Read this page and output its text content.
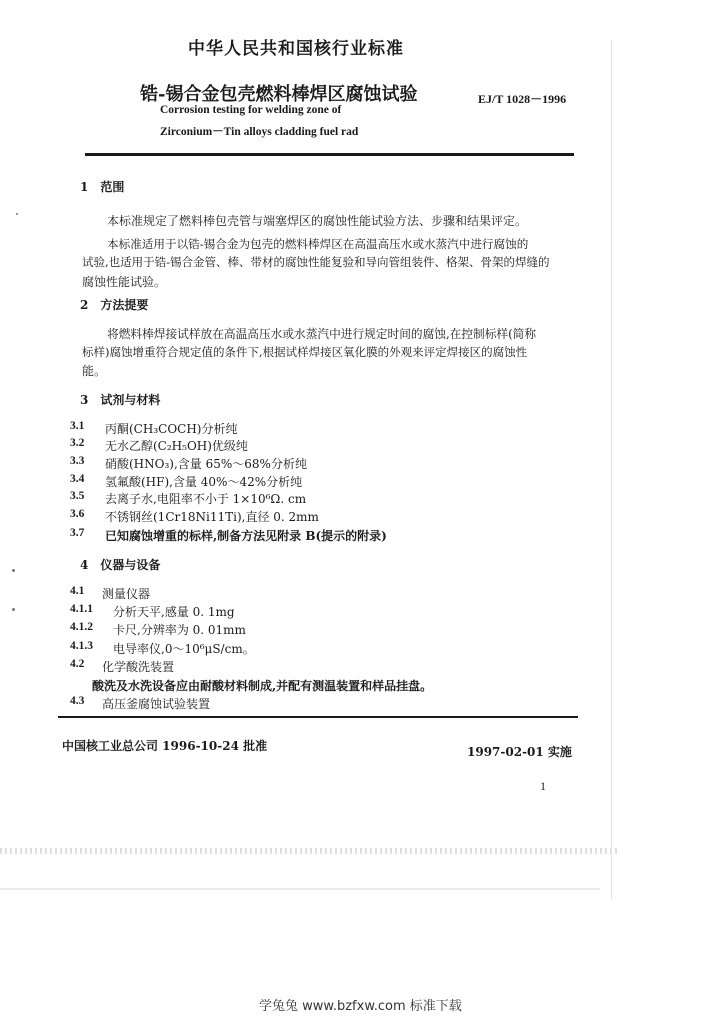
中华人民共和国核行业标准
锆-锡合金包壳燃料棒焊区腐蚀试验	EJ/T 1028－1996
Corrosion testing for welding zone of
Zirconium－Tin alloys cladding fuel rad
1　范围
本标准规定了燃料棒包壳管与端塞焊区的腐蚀性能试验方法、步骤和结果评定。
本标准适用于以锆-锡合金为包壳的燃料棒焊区在高温高压水或水蒸汽中进行腐蚀的
试验,也适用于锆-锡合金管、棒、带材的腐蚀性能复验和导向管组装件、格架、骨架的焊缝的
腐蚀性能试验。
2　方法提要
将燃料棒焊接试样放在高温高压水或水蒸汽中进行规定时间的腐蚀,在控制标样(简称
标样)腐蚀增重符合规定值的条件下,根据试样焊接区氧化膜的外观来评定焊接区的腐蚀性
能。
3　试剂与材料
3.1 丙酮(CH₃COCH)分析纯
3.2 无水乙醇(C₂H₅OH)优级纯
3.3 硝酸(HNO₃),含量 65%～68%分析纯
3.4 氢氟酸(HF),含量 40%～42%分析纯
3.5 去离子水,电阻率不小于 1×10⁶Ω. cm
3.6 不锈钢丝(1Cr18Ni11Ti),直径 0. 2mm
3.7 已知腐蚀增重的标样,制备方法见附录 B(提示的附录)
4　仪器与设备
4.1 测量仪器
4.1.1 分析天平,感量 0. 1mg
4.1.2 卡尺,分辨率为 0. 01mm
4.1.3 电导率仪,0～10⁶μS/cm。
4.2 化学酸洗装置
酸洗及水洗设备应由耐酸材料制成,并配有测温装置和样品挂盘。
4.3 高压釜腐蚀试验装置
中国核工业总公司 1996-10-24 批准	1997-02-01 实施
1
学兔兔 www.bzfxw.com 标准下载
